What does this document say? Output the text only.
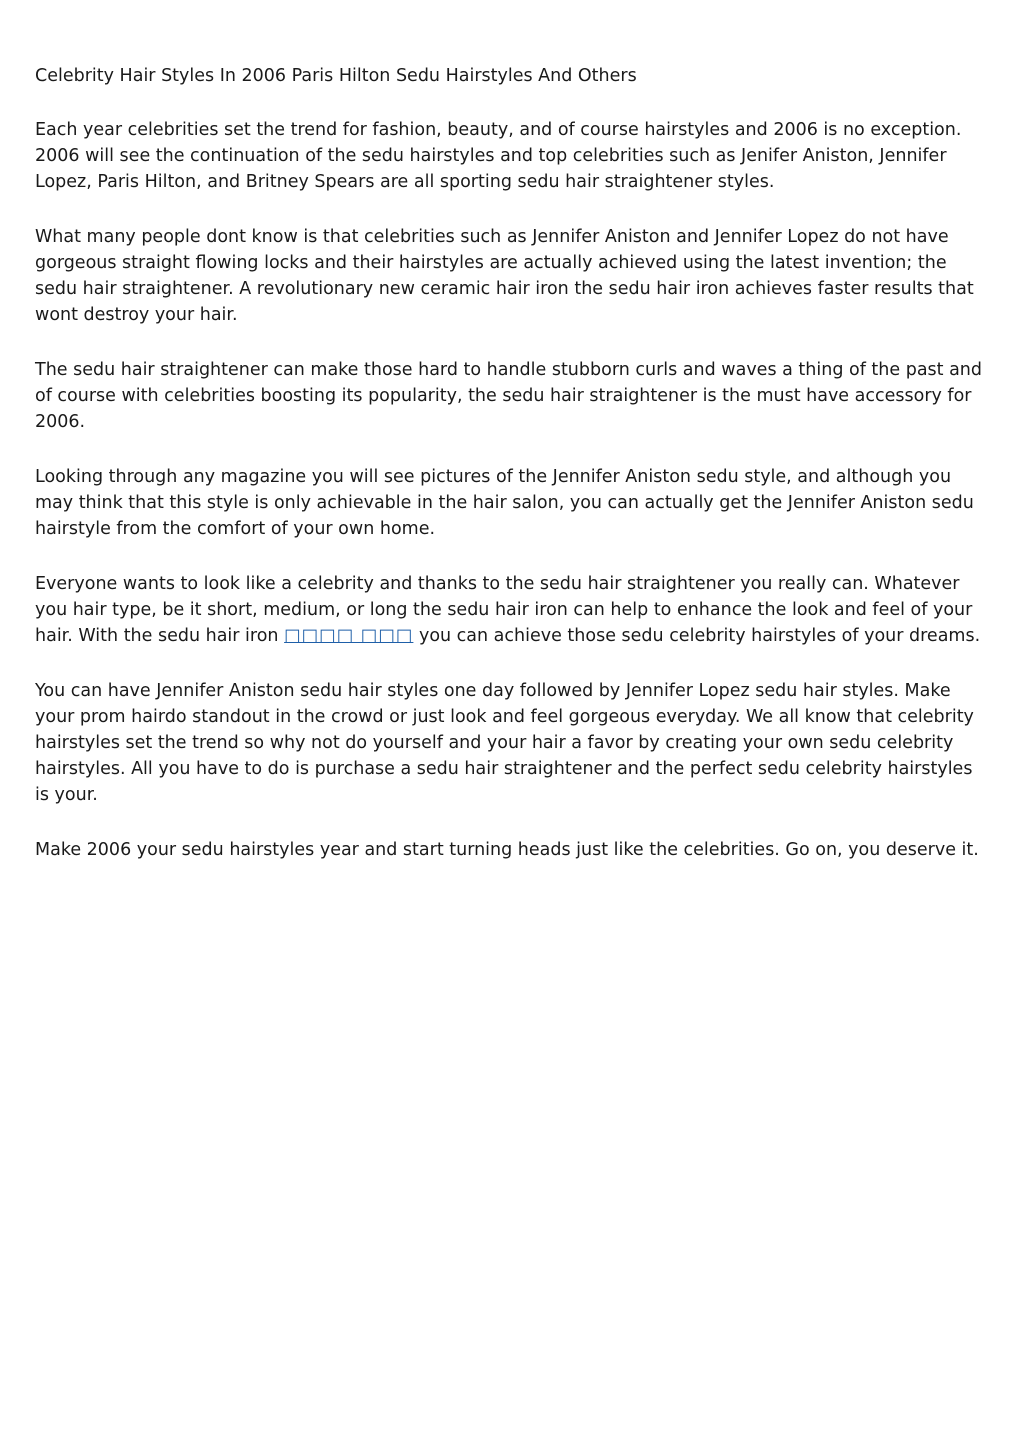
Celebrity Hair Styles In 2006 Paris Hilton Sedu Hairstyles And Others

Each year celebrities set the trend for fashion, beauty, and of course hairstyles and 2006 is no exception. 2006 will see the continuation of the sedu hairstyles and top celebrities such as Jenifer Aniston, Jennifer Lopez, Paris Hilton, and Britney Spears are all sporting sedu hair straightener styles.

What many people dont know is that celebrities such as Jennifer Aniston and Jennifer Lopez do not have gorgeous straight flowing locks and their hairstyles are actually achieved using the latest invention; the sedu hair straightener. A revolutionary new ceramic hair iron the sedu hair iron achieves faster results that wont destroy your hair.

The sedu hair straightener can make those hard to handle stubborn curls and waves a thing of the past and of course with celebrities boosting its popularity, the sedu hair straightener is the must have accessory for 2006.

Looking through any magazine you will see pictures of the Jennifer Aniston sedu style, and although you may think that this style is only achievable in the hair salon, you can actually get the Jennifer Aniston sedu hairstyle from the comfort of your own home.

Everyone wants to look like a celebrity and thanks to the sedu hair straightener you really can. Whatever you hair type, be it short, medium, or long the sedu hair iron can help to enhance the look and feel of your hair. With the sedu hair iron □□□□ □□□ you can achieve those sedu celebrity hairstyles of your dreams.

You can have Jennifer Aniston sedu hair styles one day followed by Jennifer Lopez sedu hair styles. Make your prom hairdo standout in the crowd or just look and feel gorgeous everyday. We all know that celebrity hairstyles set the trend so why not do yourself and your hair a favor by creating your own sedu celebrity hairstyles. All you have to do is purchase a sedu hair straightener and the perfect sedu celebrity hairstyles is your.

Make 2006 your sedu hairstyles year and start turning heads just like the celebrities. Go on, you deserve it.
